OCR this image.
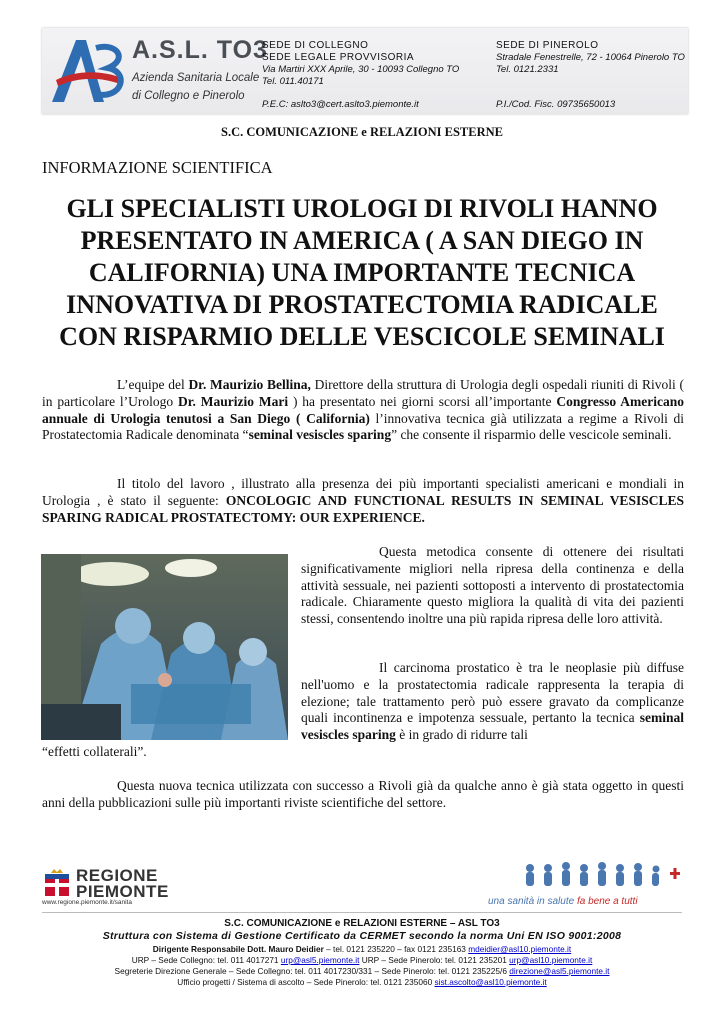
A.S.L. TO3
Azienda Sanitaria Locale
di Collegno e Pinerolo
SEDE DI COLLEGNO
SEDE LEGALE PROVVISORIA
Via Martiri XXX Aprile, 30 - 10093 Collegno TO
Tel. 011.40171
SEDE DI PINEROLO
Stradale Fenestrelle, 72 - 10064 Pinerolo TO
Tel. 0121.2331
P.E.C: aslto3@cert.aslto3.piemonte.it	P.I./Cod. Fisc. 09735650013
S.C. COMUNICAZIONE e RELAZIONI ESTERNE
INFORMAZIONE SCIENTIFICA
GLI SPECIALISTI UROLOGI DI RIVOLI HANNO
PRESENTATO IN AMERICA ( A SAN DIEGO IN
CALIFORNIA) UNA IMPORTANTE TECNICA
INNOVATIVA DI PROSTATECTOMIA RADICALE
CON RISPARMIO DELLE VESCICOLE SEMINALI

L’equipe del Dr. Maurizio Bellina, Direttore della struttura di Urologia degli ospedali riuniti di Rivoli ( in particolare l’Urologo Dr. Maurizio Mari ) ha presentato nei giorni scorsi all’importante Congresso Americano annuale di Urologia tenutosi a San Diego ( California) l’innovativa tecnica già utilizzata a regime a Rivoli di Prostatectomia Radicale denominata “seminal vesiscles sparing” che consente il risparmio delle vescicole seminali.

Il titolo del lavoro , illustrato alla presenza dei più importanti specialisti americani e mondiali in Urologia , è stato il seguente: ONCOLOGIC AND FUNCTIONAL RESULTS IN SEMINAL VESISCLES SPARING RADICAL PROSTATECTOMY: OUR EXPERIENCE.

Questa metodica consente di ottenere dei risultati significativamente migliori nella ripresa della continenza e della attività sessuale, nei pazienti sottoposti a intervento di prostatectomia radicale. Chiaramente questo migliora la qualità di vita dei pazienti stessi, consentendo inoltre una più rapida ripresa delle loro attività.

Il carcinoma prostatico è tra le neoplasie più diffuse nell'uomo e la prostatectomia radicale rappresenta la terapia di elezione; tale trattamento però può essere gravato da complicanze quali incontinenza e impotenza sessuale, pertanto la tecnica seminal vesiscles sparing è in grado di ridurre tali

“effetti collaterali”.

Questa nuova tecnica utilizzata con successo a Rivoli già da qualche anno è già stata oggetto in questi anni della pubblicazioni sulle più importanti riviste scientifiche del settore.

REGIONE
PIEMONTE
www.regione.piemonte.it/sanita	una sanità in salute fa bene a tutti

S.C. COMUNICAZIONE e RELAZIONI ESTERNE – ASL TO3

Struttura con Sistema di Gestione Certificato da CERMET secondo la norma Uni EN ISO 9001:2008

Dirigente Responsabile Dott. Mauro Deidier – tel. 0121 235220 – fax 0121 235163 mdeidier@asl10.piemonte.it

URP – Sede Collegno: tel. 011 4017271 urp@asl5.piemonte.it URP – Sede Pinerolo: tel. 0121 235201 urp@asl10.piemonte.it

Segreterie Direzione Generale – Sede Collegno: tel. 011 4017230/331 – Sede Pinerolo: tel. 0121 235225/6 direzione@asl5.piemonte.it

Ufficio progetti / Sistema di ascolto – Sede Pinerolo: tel. 0121 235060 sist.ascolto@asl10.piemonte.it
